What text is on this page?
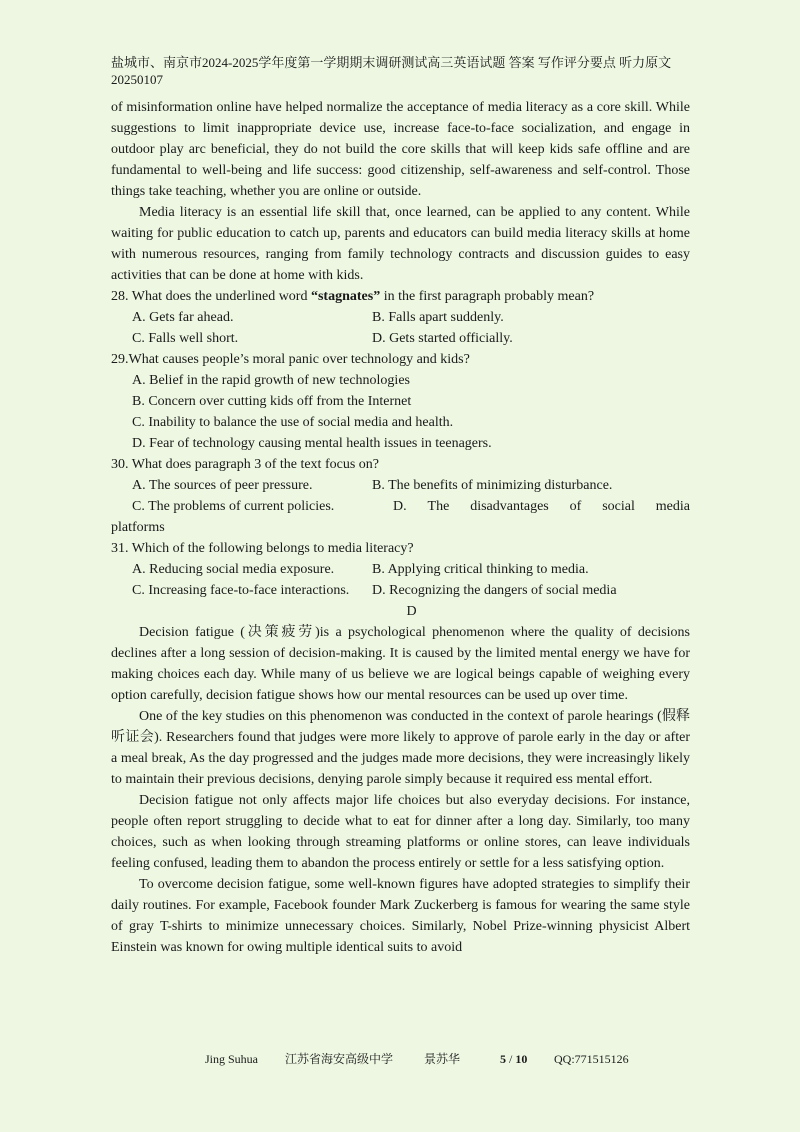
盐城市、南京市2024-2025学年度第一学期期末调研测试高三英语试题 答案 写作评分要点 听力原文
20250107

of misinformation online have helped normalize the acceptance of media literacy as a core skill. While suggestions to limit inappropriate device use, increase face-to-face socialization, and engage in outdoor play arc beneficial, they do not build the core skills that will keep kids safe offline and are fundamental to well-being and life success: good citizenship, self-awareness and self-control. Those things take teaching, whether you are online or outside.

Media literacy is an essential life skill that, once learned, can be applied to any content. While waiting for public education to catch up, parents and educators can build media literacy skills at home with numerous resources, ranging from family technology contracts and discussion guides to easy activities that can be done at home with kids.

28. What does the underlined word “stagnates” in the first paragraph probably mean?

A. Gets far ahead.	B. Falls apart suddenly.
C. Falls well short.	D. Gets started officially.

29.What causes people’s moral panic over technology and kids?

A. Belief in the rapid growth of new technologies

B. Concern over cutting kids off from the Internet

C. Inability to balance the use of social media and health.

D. Fear of technology causing mental health issues in teenagers.

30. What does paragraph 3 of the text focus on?

A. The sources of peer pressure.	B. The benefits of minimizing disturbance.
C. The problems of current policies.	D. The disadvantages of social media

platforms

31. Which of the following belongs to media literacy?

A. Reducing social media exposure.	B. Applying critical thinking to media.
C. Increasing face-to-face interactions.	D. Recognizing the dangers of social media

D

Decision fatigue (决策疲劳)is a psychological phenomenon where the quality of decisions declines after a long session of decision-making. It is caused by the limited mental energy we have for making choices each day. While many of us believe we are logical beings capable of weighing every option carefully, decision fatigue shows how our mental resources can be used up over time.

One of the key studies on this phenomenon was conducted in the context of parole hearings (假释听证会). Researchers found that judges were more likely to approve of parole early in the day or after a meal break, As the day progressed and the judges made more decisions, they were increasingly likely to maintain their previous decisions, denying parole simply because it required ess mental effort.

Decision fatigue not only affects major life choices but also everyday decisions. For instance, people often report struggling to decide what to eat for dinner after a long day. Similarly, too many choices, such as when looking through streaming platforms or online stores, can leave individuals feeling confused, leading them to abandon the process entirely or settle for a less satisfying option.

To overcome decision fatigue, some well-known figures have adopted strategies to simplify their daily routines. For example, Facebook founder Mark Zuckerberg is famous for wearing the same style of gray T-shirts to minimize unnecessary choices. Similarly, Nobel Prize-winning physicist Albert Einstein was known for owing multiple identical suits to avoid

Jing Suhua 江苏省海安高级中学	景苏华	5 / 10 QQ:771515126
